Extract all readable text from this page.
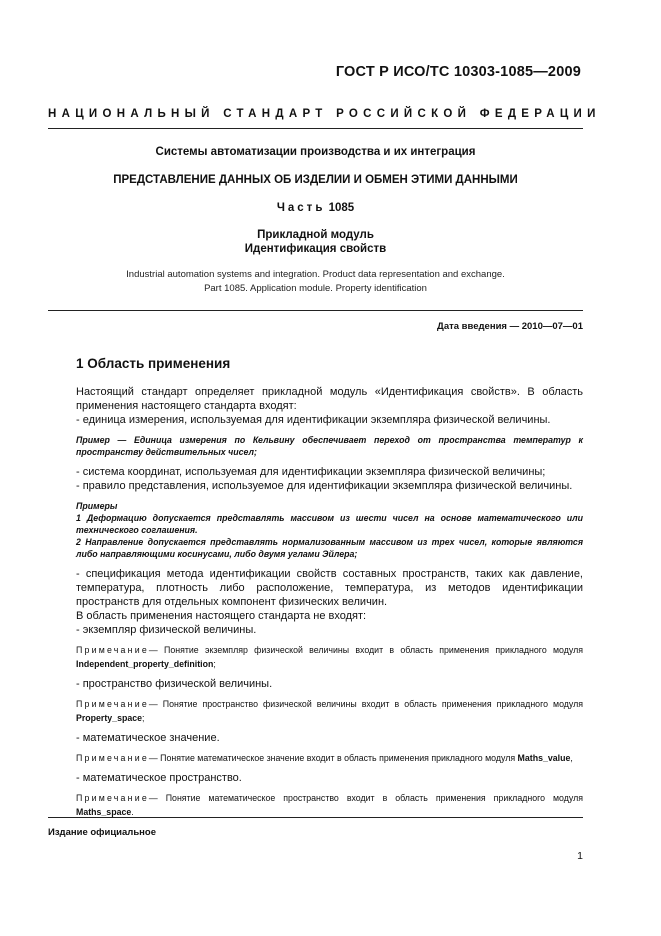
ГОСТ Р ИСО/ТС 10303-1085—2009
НАЦИОНАЛЬНЫЙ СТАНДАРТ РОССИЙСКОЙ ФЕДЕРАЦИИ
Системы автоматизации производства и их интеграция
ПРЕДСТАВЛЕНИЕ ДАННЫХ ОБ ИЗДЕЛИИ И ОБМЕН ЭТИМИ ДАННЫМИ
Часть 1085
Прикладной модуль
Идентификация свойств
Industrial automation systems and integration. Product data representation and exchange.
Part 1085. Application module. Property identification
Дата введения — 2010—07—01
1 Область применения

Настоящий стандарт определяет прикладной модуль «Идентификация свойств». В область применения настоящего стандарта входят:

- единица измерения, используемая для идентификации экземпляра физической величины.

Пример — Единица измерения по Кельвину обеспечивает переход от пространства температур к пространству действительных чисел;

- система координат, используемая для идентификации экземпляра физической величины;

- правило представления, используемое для идентификации экземпляра физической величины.

Примеры

1 Деформацию допускается представлять массивом из шести чисел на основе математического или технического соглашения.

2 Направление допускается представлять нормализованным массивом из трех чисел, которые являются либо направляющими косинусами, либо двумя углами Эйлера;

- спецификация метода идентификации свойств составных пространств, таких как давление, температура, плотность либо расположение, температура, из методов идентификации пространств для отдельных компонент физических величин.

В область применения настоящего стандарта не входят:

- экземпляр физической величины.

Примечание— Понятие экземпляр физической величины входит в область применения прикладного модуля Independent_property_definition;

- пространство физической величины.

Примечание— Понятие пространство физической величины входит в область применения прикладного модуля Property_space;

- математическое значение.

Примечание— Понятие математическое значение входит в область применения прикладного модуля Maths_value,

- математическое пространство.

Примечание— Понятие математическое пространство входит в область применения прикладного модуля Maths_space.

Издание официальное
1
